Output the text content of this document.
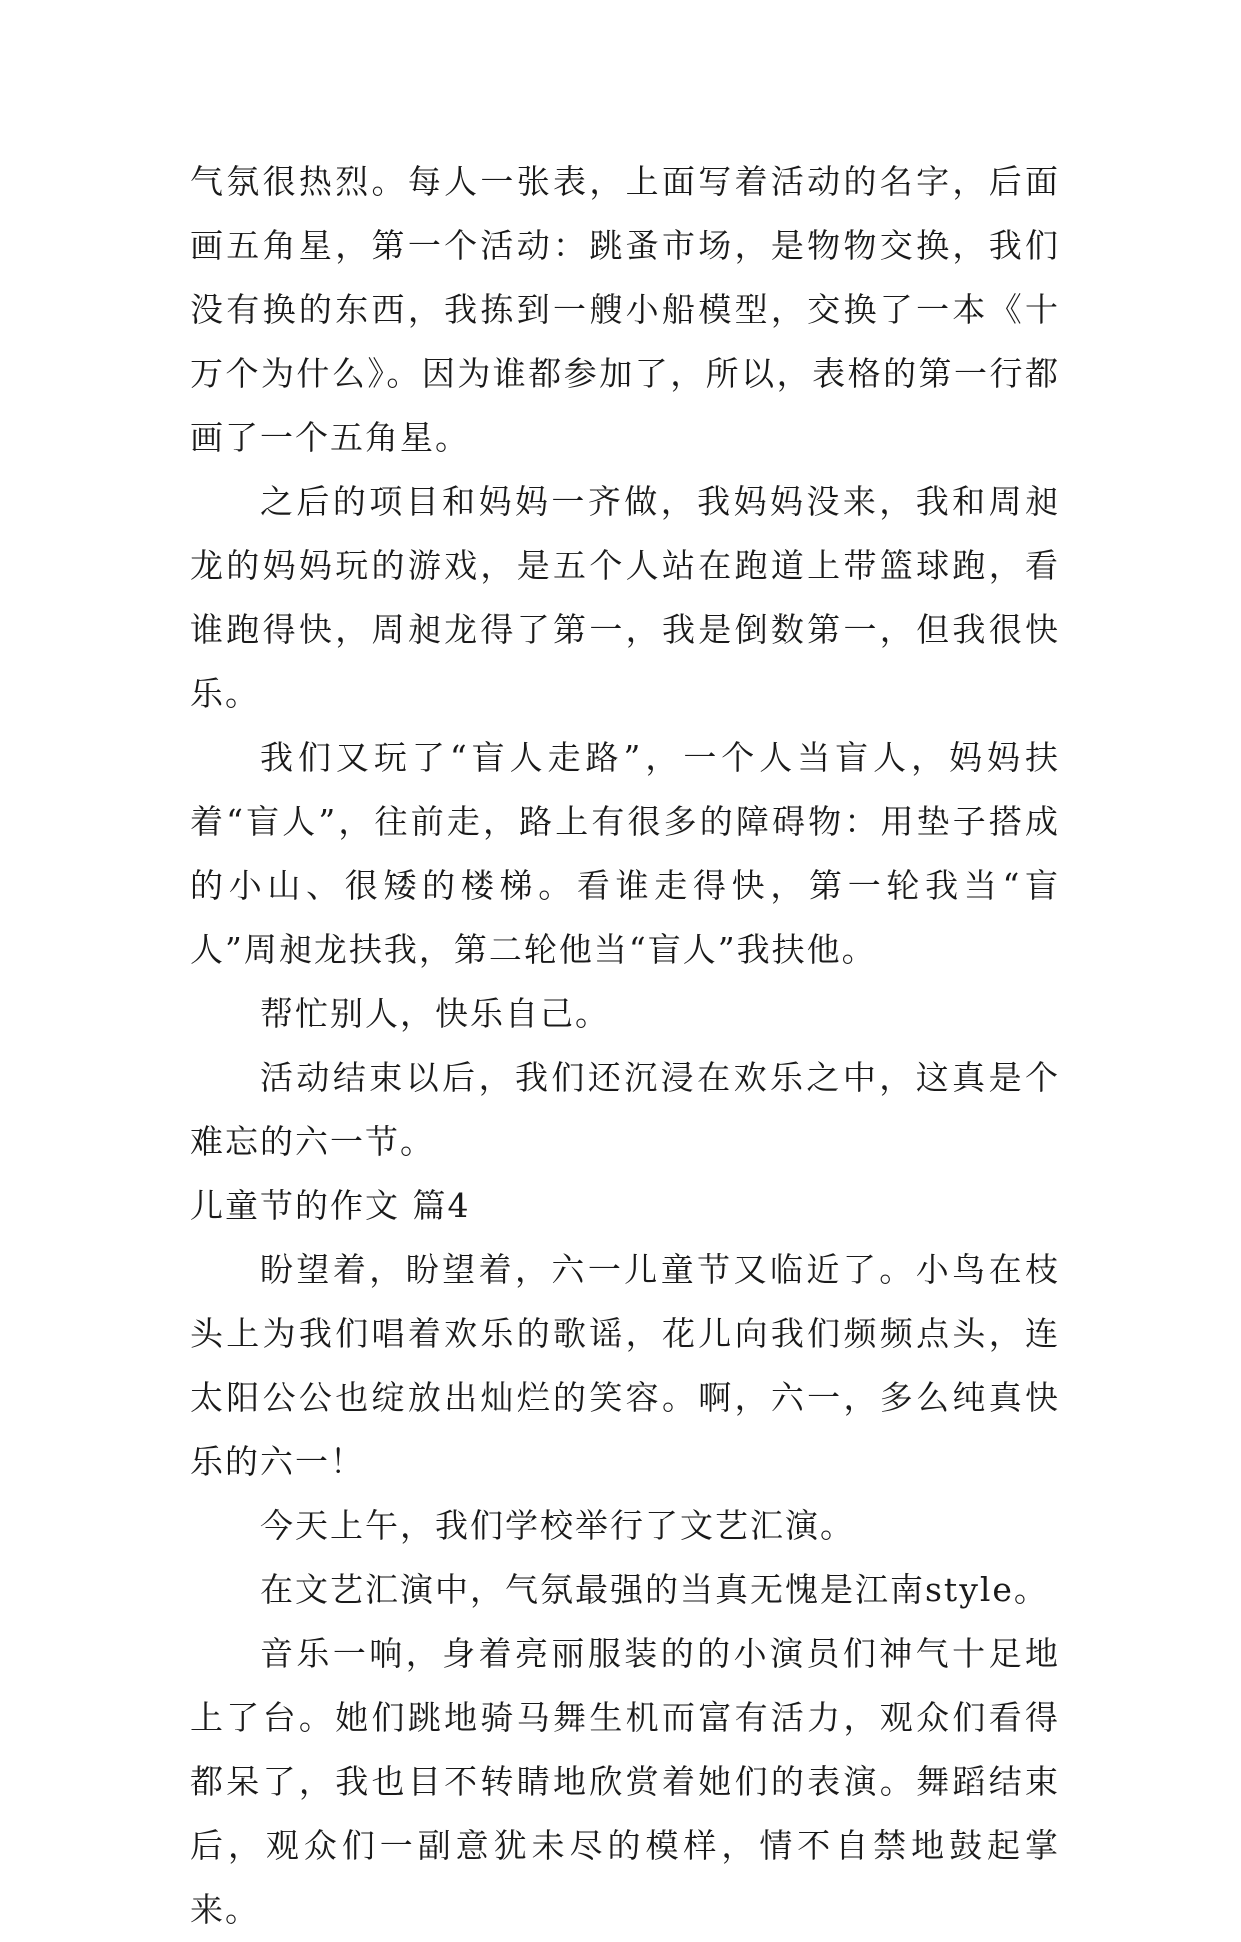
气氛很热烈。每人一张表，上面写着活动的名字，后面画五角星，第一个活动：跳蚤市场，是物物交换，我们没有换的东西，我拣到一艘小船模型，交换了一本《十万个为什么》。因为谁都参加了，所以，表格的第一行都画了一个五角星。

之后的项目和妈妈一齐做，我妈妈没来，我和周昶龙的妈妈玩的游戏，是五个人站在跑道上带篮球跑，看谁跑得快，周昶龙得了第一，我是倒数第一，但我很快乐。

我们又玩了“盲人走路”，一个人当盲人，妈妈扶着“盲人”，往前走，路上有很多的障碍物：用垫子搭成的小山、很矮的楼梯。看谁走得快，第一轮我当“盲人”周昶龙扶我，第二轮他当“盲人”我扶他。

帮忙别人，快乐自己。

活动结束以后，我们还沉浸在欢乐之中，这真是个难忘的六一节。

儿童节的作文 篇4

盼望着，盼望着，六一儿童节又临近了。小鸟在枝头上为我们唱着欢乐的歌谣，花儿向我们频频点头，连太阳公公也绽放出灿烂的笑容。啊，六一，多么纯真快乐的六一！

今天上午，我们学校举行了文艺汇演。

在文艺汇演中，气氛最强的当真无愧是江南style。

音乐一响，身着亮丽服装的的小演员们神气十足地上了台。她们跳地骑马舞生机而富有活力，观众们看得都呆了，我也目不转睛地欣赏着她们的表演。舞蹈结束后，观众们一副意犹未尽的模样，情不自禁地鼓起掌来。
